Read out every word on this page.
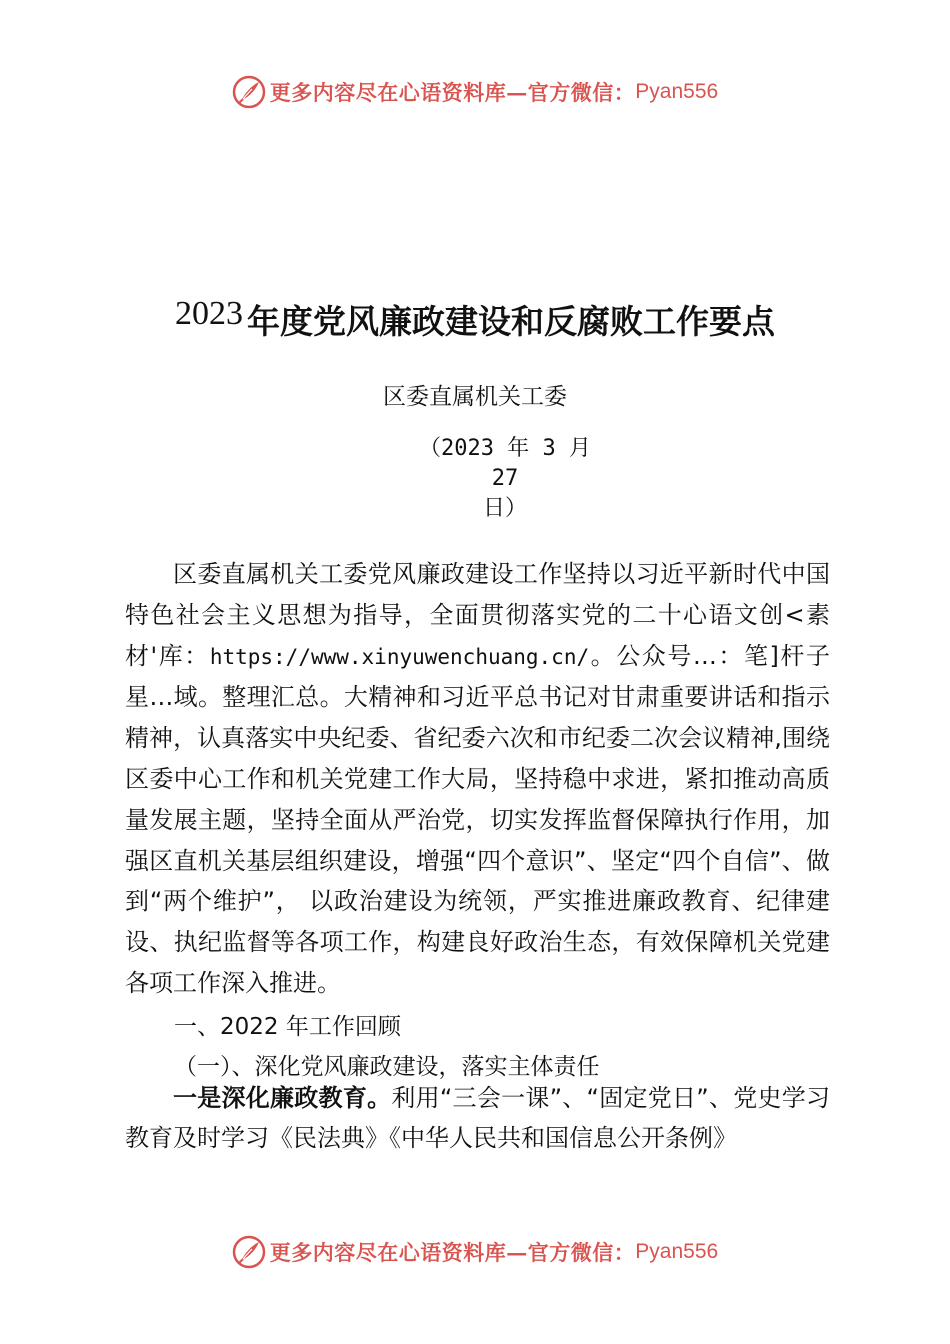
更多内容尽在心语资料库—官方微信： Pyan556
2023 年度党风廉政建设和反腐败工作要点
区委直属机关工委
（2023 年 3 月 27
日）
区委直属机关工委党风廉政建设工作坚持以习近平新时代中国特色社会主义思想为指导，全面贯彻落实党的二十心语文创<素材'库：https://www.xinyuwenchuang.cn/。公众号…：笔]杆子星…域。整理汇总。大精神和习近平总书记对甘肃重要讲话和指示精神，认真落实中央纪委、省纪委六次和市纪委二次会议精神,围绕区委中心工作和机关党建工作大局，坚持稳中求进，紧扣推动高质量发展主题，坚持全面从严治党，切实发挥监督保障执行作用，加强区直机关基层组织建设，增强“四个意识”、坚定“四个自信”、做到“两个维护”， 以政治建设为统领，严实推进廉政教育、纪律建设、执纪监督等各项工作，构建良好政治生态，有效保障机关党建各项工作深入推进。
一、2022 年工作回顾
（一）、深化党风廉政建设，落实主体责任
一是深化廉政教育。利用“三会一课”、“固定党日”、党史学习教育及时学习《民法典》《中华人民共和国信息公开条例》
更多内容尽在心语资料库—官方微信： Pyan556
